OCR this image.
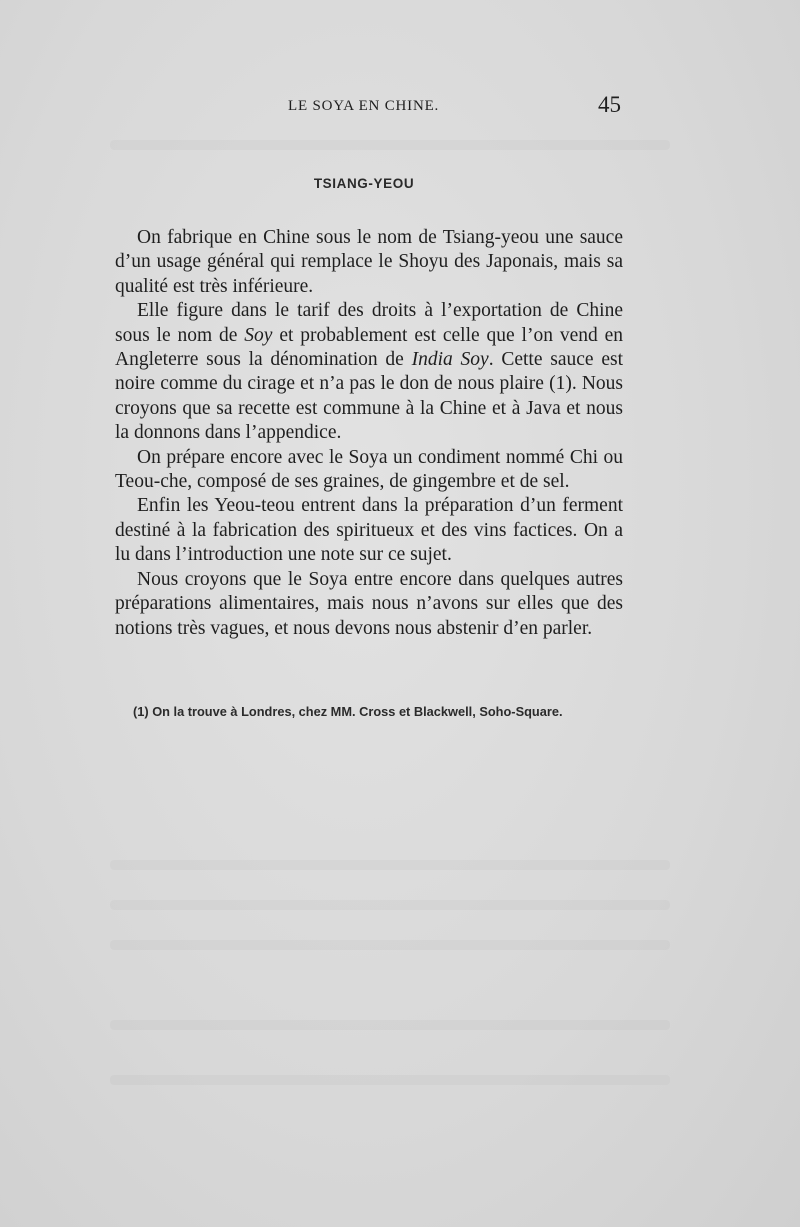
LE SOYA EN CHINE.	45
TSIANG-YEOU

On fabrique en Chine sous le nom de Tsiang-yeou une sauce d’un usage général qui remplace le Shoyu des Japonais, mais sa qualité est très inférieure.

Elle figure dans le tarif des droits à l’exportation de Chine sous le nom de Soy et probablement est celle que l’on vend en Angleterre sous la dénomination de India Soy. Cette sauce est noire comme du cirage et n’a pas le don de nous plaire (1). Nous croyons que sa recette est commune à la Chine et à Java et nous la donnons dans l’appendice.

On prépare encore avec le Soya un condiment nommé Chi ou Teou-che, composé de ses graines, de gingembre et de sel.

Enfin les Yeou-teou entrent dans la préparation d’un ferment destiné à la fabrication des spiritueux et des vins factices. On a lu dans l’introduction une note sur ce sujet.

Nous croyons que le Soya entre encore dans quelques autres préparations alimentaires, mais nous n’avons sur elles que des notions très vagues, et nous devons nous abstenir d’en parler.

(1) On la trouve à Londres, chez MM. Cross et Blackwell, Soho-Square.
